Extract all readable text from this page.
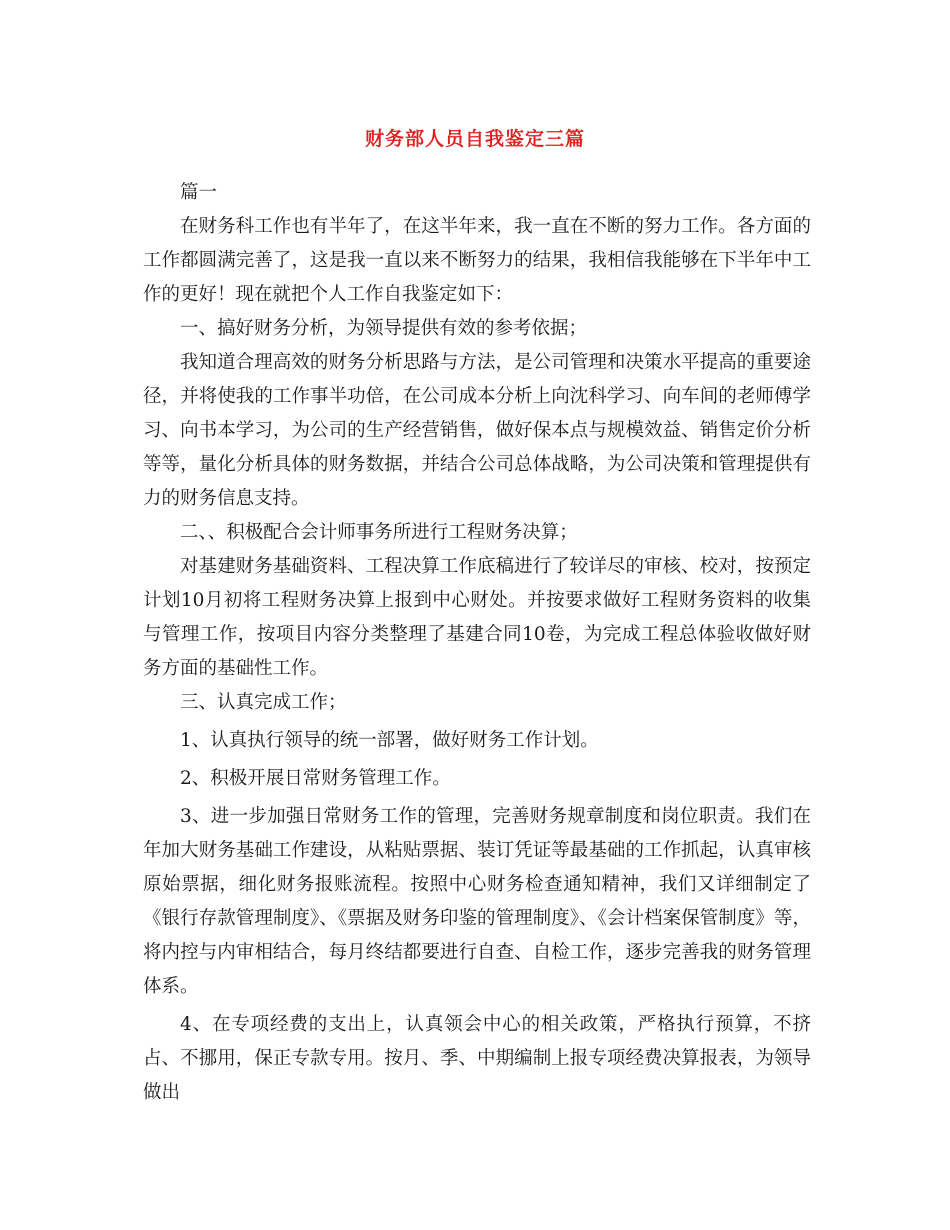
财务部人员自我鉴定三篇

篇一

在财务科工作也有半年了，在这半年来，我一直在不断的努力工作。各方面的工作都圆满完善了，这是我一直以来不断努力的结果，我相信我能够在下半年中工作的更好！现在就把个人工作自我鉴定如下：

一、搞好财务分析，为领导提供有效的参考依据；

我知道合理高效的财务分析思路与方法，是公司管理和决策水平提高的重要途径，并将使我的工作事半功倍，在公司成本分析上向沈科学习、向车间的老师傅学习、向书本学习，为公司的生产经营销售，做好保本点与规模效益、销售定价分析等等，量化分析具体的财务数据，并结合公司总体战略，为公司决策和管理提供有力的财务信息支持。

二、、积极配合会计师事务所进行工程财务决算；

对基建财务基础资料、工程决算工作底稿进行了较详尽的审核、校对，按预定计划10月初将工程财务决算上报到中心财处。并按要求做好工程财务资料的收集与管理工作，按项目内容分类整理了基建合同10卷，为完成工程总体验收做好财务方面的基础性工作。

三、认真完成工作；

1、认真执行领导的统一部署，做好财务工作计划。

2、积极开展日常财务管理工作。

3、进一步加强日常财务工作的管理，完善财务规章制度和岗位职责。我们在年加大财务基础工作建设，从粘贴票据、装订凭证等最基础的工作抓起，认真审核原始票据，细化财务报账流程。按照中心财务检查通知精神，我们又详细制定了《银行存款管理制度》、《票据及财务印鉴的管理制度》、《会计档案保管制度》等，将内控与内审相结合，每月终结都要进行自查、自检工作，逐步完善我的财务管理体系。

4、在专项经费的支出上，认真领会中心的相关政策，严格执行预算，不挤占、不挪用，保正专款专用。按月、季、中期编制上报专项经费决算报表，为领导做出
